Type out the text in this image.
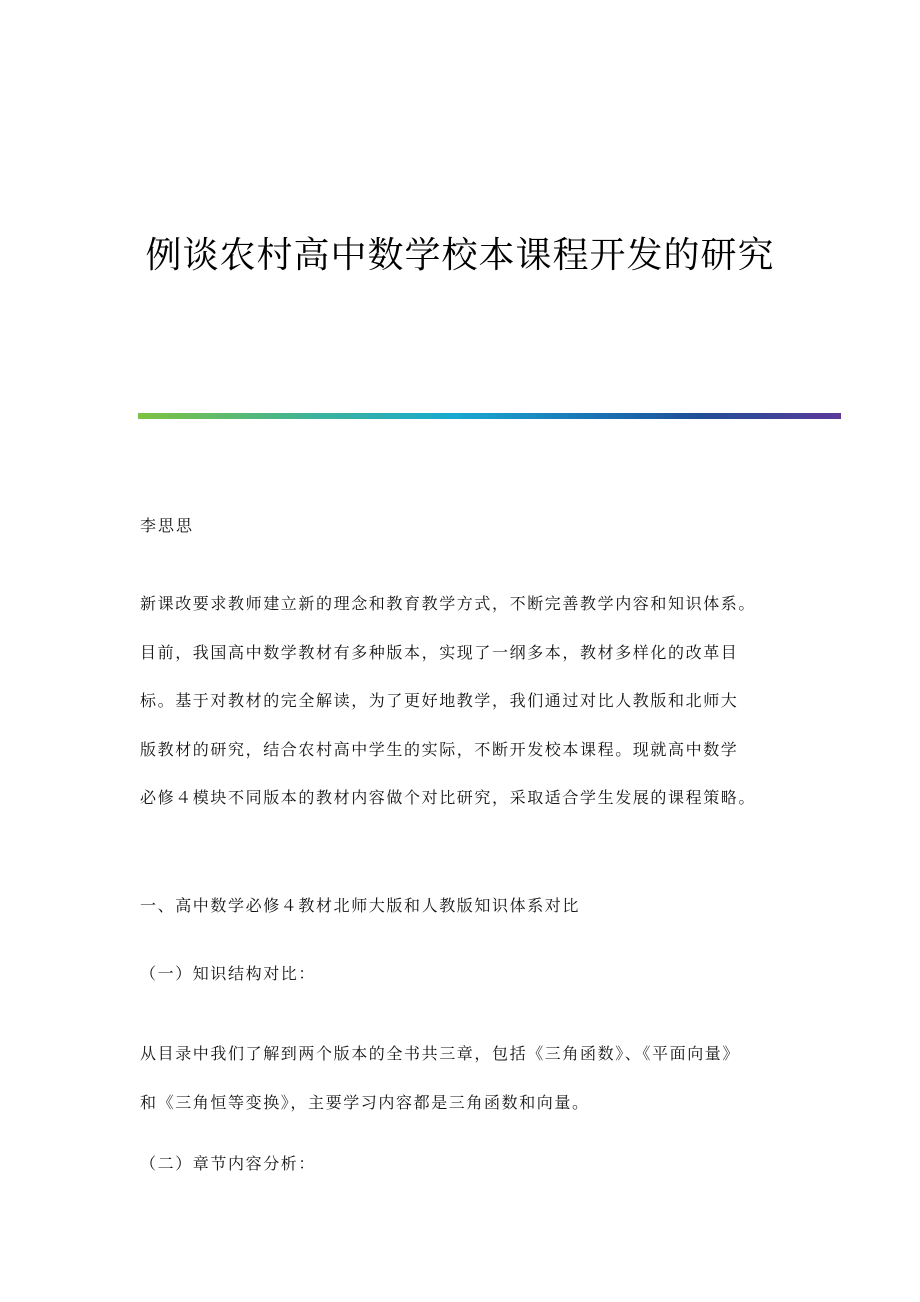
例谈农村高中数学校本课程开发的研究
李思思
新课改要求教师建立新的理念和教育教学方式，不断完善教学内容和知识体系。
目前，我国高中数学教材有多种版本，实现了一纲多本，教材多样化的改革目
标。基于对教材的完全解读，为了更好地教学，我们通过对比人教版和北师大
版教材的研究，结合农村高中学生的实际，不断开发校本课程。现就高中数学
必修４模块不同版本的教材内容做个对比研究，采取适合学生发展的课程策略。
一、高中数学必修４教材北师大版和人教版知识体系对比
（一）知识结构对比：
从目录中我们了解到两个版本的全书共三章，包括《三角函数》、《平面向量》
和《三角恒等变换》，主要学习内容都是三角函数和向量。
（二）章节内容分析：
